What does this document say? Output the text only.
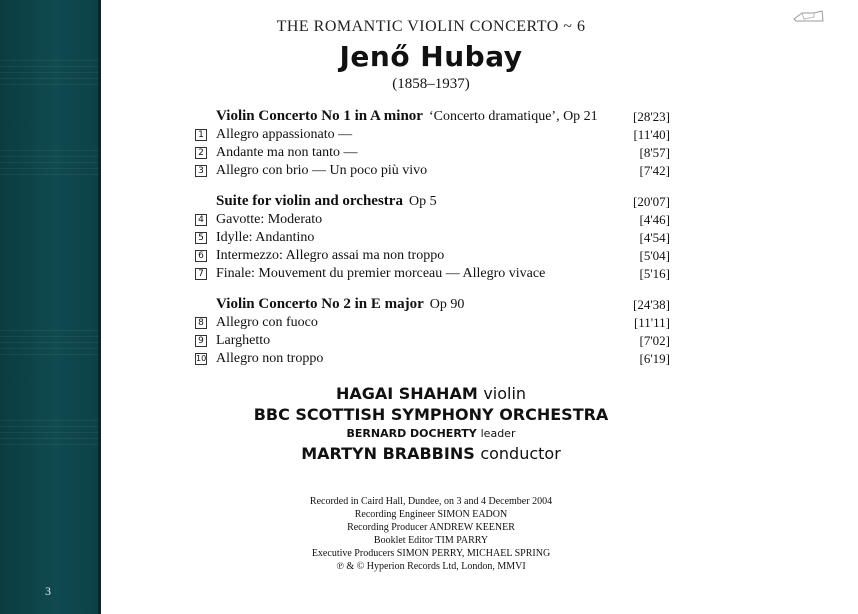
3
THE ROMANTIC VIOLIN CONCERTO ~ 6
Jenő Hubay
(1858–1937)
Violin Concerto No 1 in A minor ‘Concerto dramatique’, Op 21	[28'23]
1 Allegro appassionato —	[11'40]
2 Andante ma non tanto —	[8'57]
3 Allegro con brio — Un poco più vivo	[7'42]
Suite for violin and orchestra Op 5	[20'07]
4 Gavotte: Moderato	[4'46]
5 Idylle: Andantino	[4'54]
6 Intermezzo: Allegro assai ma non troppo	[5'04]
7 Finale: Mouvement du premier morceau — Allegro vivace	[5'16]
Violin Concerto No 2 in E major Op 90	[24'38]
8 Allegro con fuoco	[11'11]
9 Larghetto	[7'02]
10 Allegro non troppo	[6'19]
HAGAI SHAHAM violin
BBC SCOTTISH SYMPHONY ORCHESTRA
BERNARD DOCHERTY leader
MARTYN BRABBINS conductor
Recorded in Caird Hall, Dundee, on 3 and 4 December 2004
Recording Engineer SIMON EADON
Recording Producer ANDREW KEENER
Booklet Editor TIM PARRY
Executive Producers SIMON PERRY, MICHAEL SPRING
℗ & © Hyperion Records Ltd, London, MMVI
